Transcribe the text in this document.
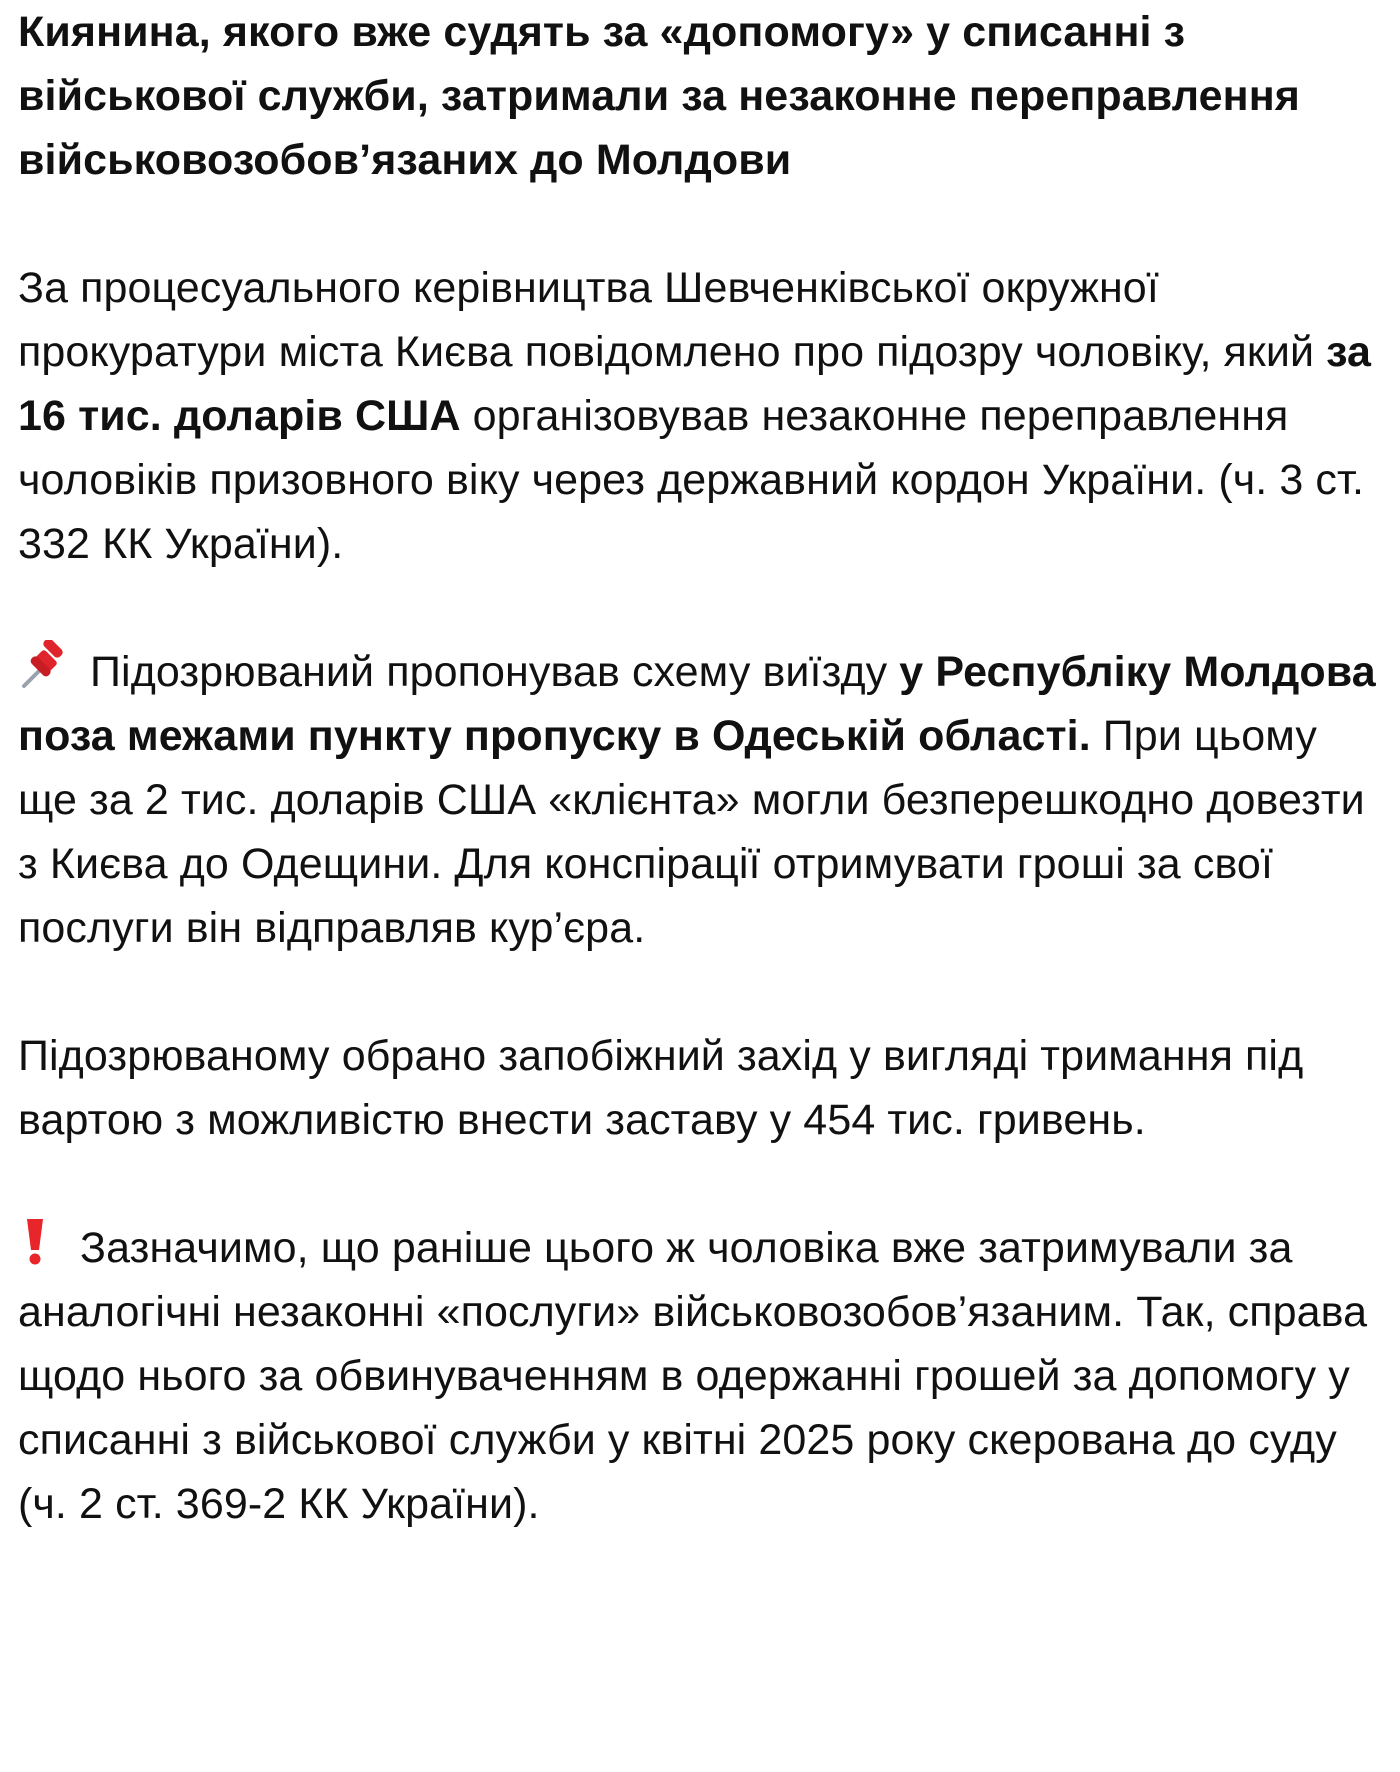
Киянина, якого вже судять за «допомогу» у списанні з військової служби, затримали за незаконне переправлення військовозобов’язаних до Молдови

За процесуального керівництва Шевченківської окружної прокуратури міста Києва повідомлено про підозру чоловіку, який за 16 тис. доларів США організовував незаконне переправлення чоловіків призовного віку через державний кордон України. (ч. 3 ст. 332 КК України).

Підозрюваний пропонував схему виїзду у Республіку Молдова поза межами пункту пропуску в Одеській області. При цьому ще за 2 тис. доларів США «клієнта» могли безперешкодно довезти з Києва до Одещини. Для конспірації отримувати гроші за свої послуги він відправляв кур’єра.

Підозрюваному обрано запобіжний захід у вигляді тримання під вартою з можливістю внести заставу у 454 тис. гривень.

Зазначимо, що раніше цього ж чоловіка вже затримували за аналогічні незаконні «послуги» військовозобов’язаним. Так, справа щодо нього за обвинуваченням в одержанні грошей за допомогу у списанні з військової служби у квітні 2025 року скерована до суду (ч. 2 ст. 369-2 КК України).
